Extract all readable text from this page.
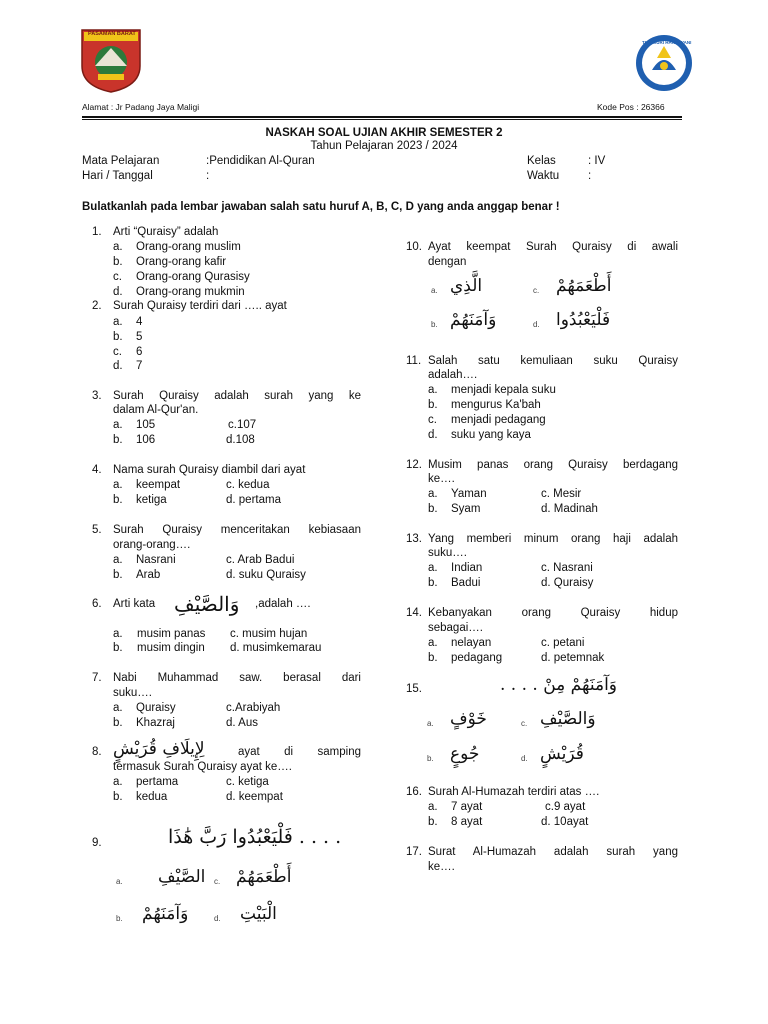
PASAMAN BARAT
TUT WURI HANDAYANI
Alamat : Jr Padang Jaya Maligi	Kode Pos : 26366
NASKAH SOAL UJIAN AKHIR SEMESTER 2
Tahun Pelajaran 2023 / 2024
Mata Pelajaran	:Pendidikan Al-Quran	Kelas	: IV
Hari / Tanggal	:	Waktu	:
Bulatkanlah pada lembar jawaban salah satu huruf A, B, C, D yang anda anggap benar !
1. Arti “Quraisy” adalah
a. Orang-orang muslim
b. Orang-orang kafir
c. Orang-orang Qurasisy
d. Orang-orang mukmin
2. Surah Quraisy terdiri dari ….. ayat
a. 4
b. 5
c. 6
d. 7
3. Surah Quraisy adalah surah yang ke
dalam Al-Qur'an.
a. 105	c.107
b. 106	d.108
4. Nama surah Quraisy diambil dari ayat
a. keempat	c. kedua
b. ketiga	d. pertama
5. Surah Quraisy menceritakan kebiasaan
orang-orang….
a. Nasrani	c. Arab Badui
b. Arab	d. suku Quraisy
6. Arti kata وَالصَّيْفِ ,adalah ….
a. musim panas c. musim hujan
b. musim dingin d. musimkemarau
7. Nabi Muhammad saw. berasal dari
suku….
a. Quraisy	c.Arabiyah
b. Khazraj	d. Aus
8. لِإِيلَافِ قُرَيْشٍ	ayat di samping
termasuk Surah Quraisy ayat ke….
a. pertama	c. ketiga
b. kedua	d. keempat
9.	. . . . فَلْيَعْبُدُوا رَبَّ هَٰذَا
a. الصَّيْفِ c. أَطْعَمَهُمْ
b. وَآمَنَهُمْ	d. الْبَيْتِ
10. Ayat keempat Surah Quraisy di awali
dengan
a. الَّذِي	c. أَطْعَمَهُمْ
b. وَآمَنَهُمْ	d. فَلْيَعْبُدُوا
11. Salah satu kemuliaan suku Quraisy
adalah….
a. menjadi kepala suku
b. mengurus Ka'bah
c. menjadi pedagang
d. suku yang kaya
12. Musim panas orang Quraisy berdagang
ke….
a. Yaman	c. Mesir
b. Syam	d. Madinah
13. Yang memberi minum orang haji adalah
suku….
a. Indian	c. Nasrani
b. Badui	d. Quraisy
14. Kebanyakan orang Quraisy hidup
sebagai….
a. nelayan	c. petani
b. pedagang	d. petemnak
15.	وَآمَنَهُمْ مِنْ . . . .
a. خَوْفٍ	c. وَالصَّيْفِ
b. جُوعٍ	d. قُرَيْشٍ
16. Surah Al-Humazah terdiri atas ….
a. 7 ayat	c.9 ayat
b. 8 ayat	d. 10ayat
17. Surat Al-Humazah adalah surah yang
ke….
